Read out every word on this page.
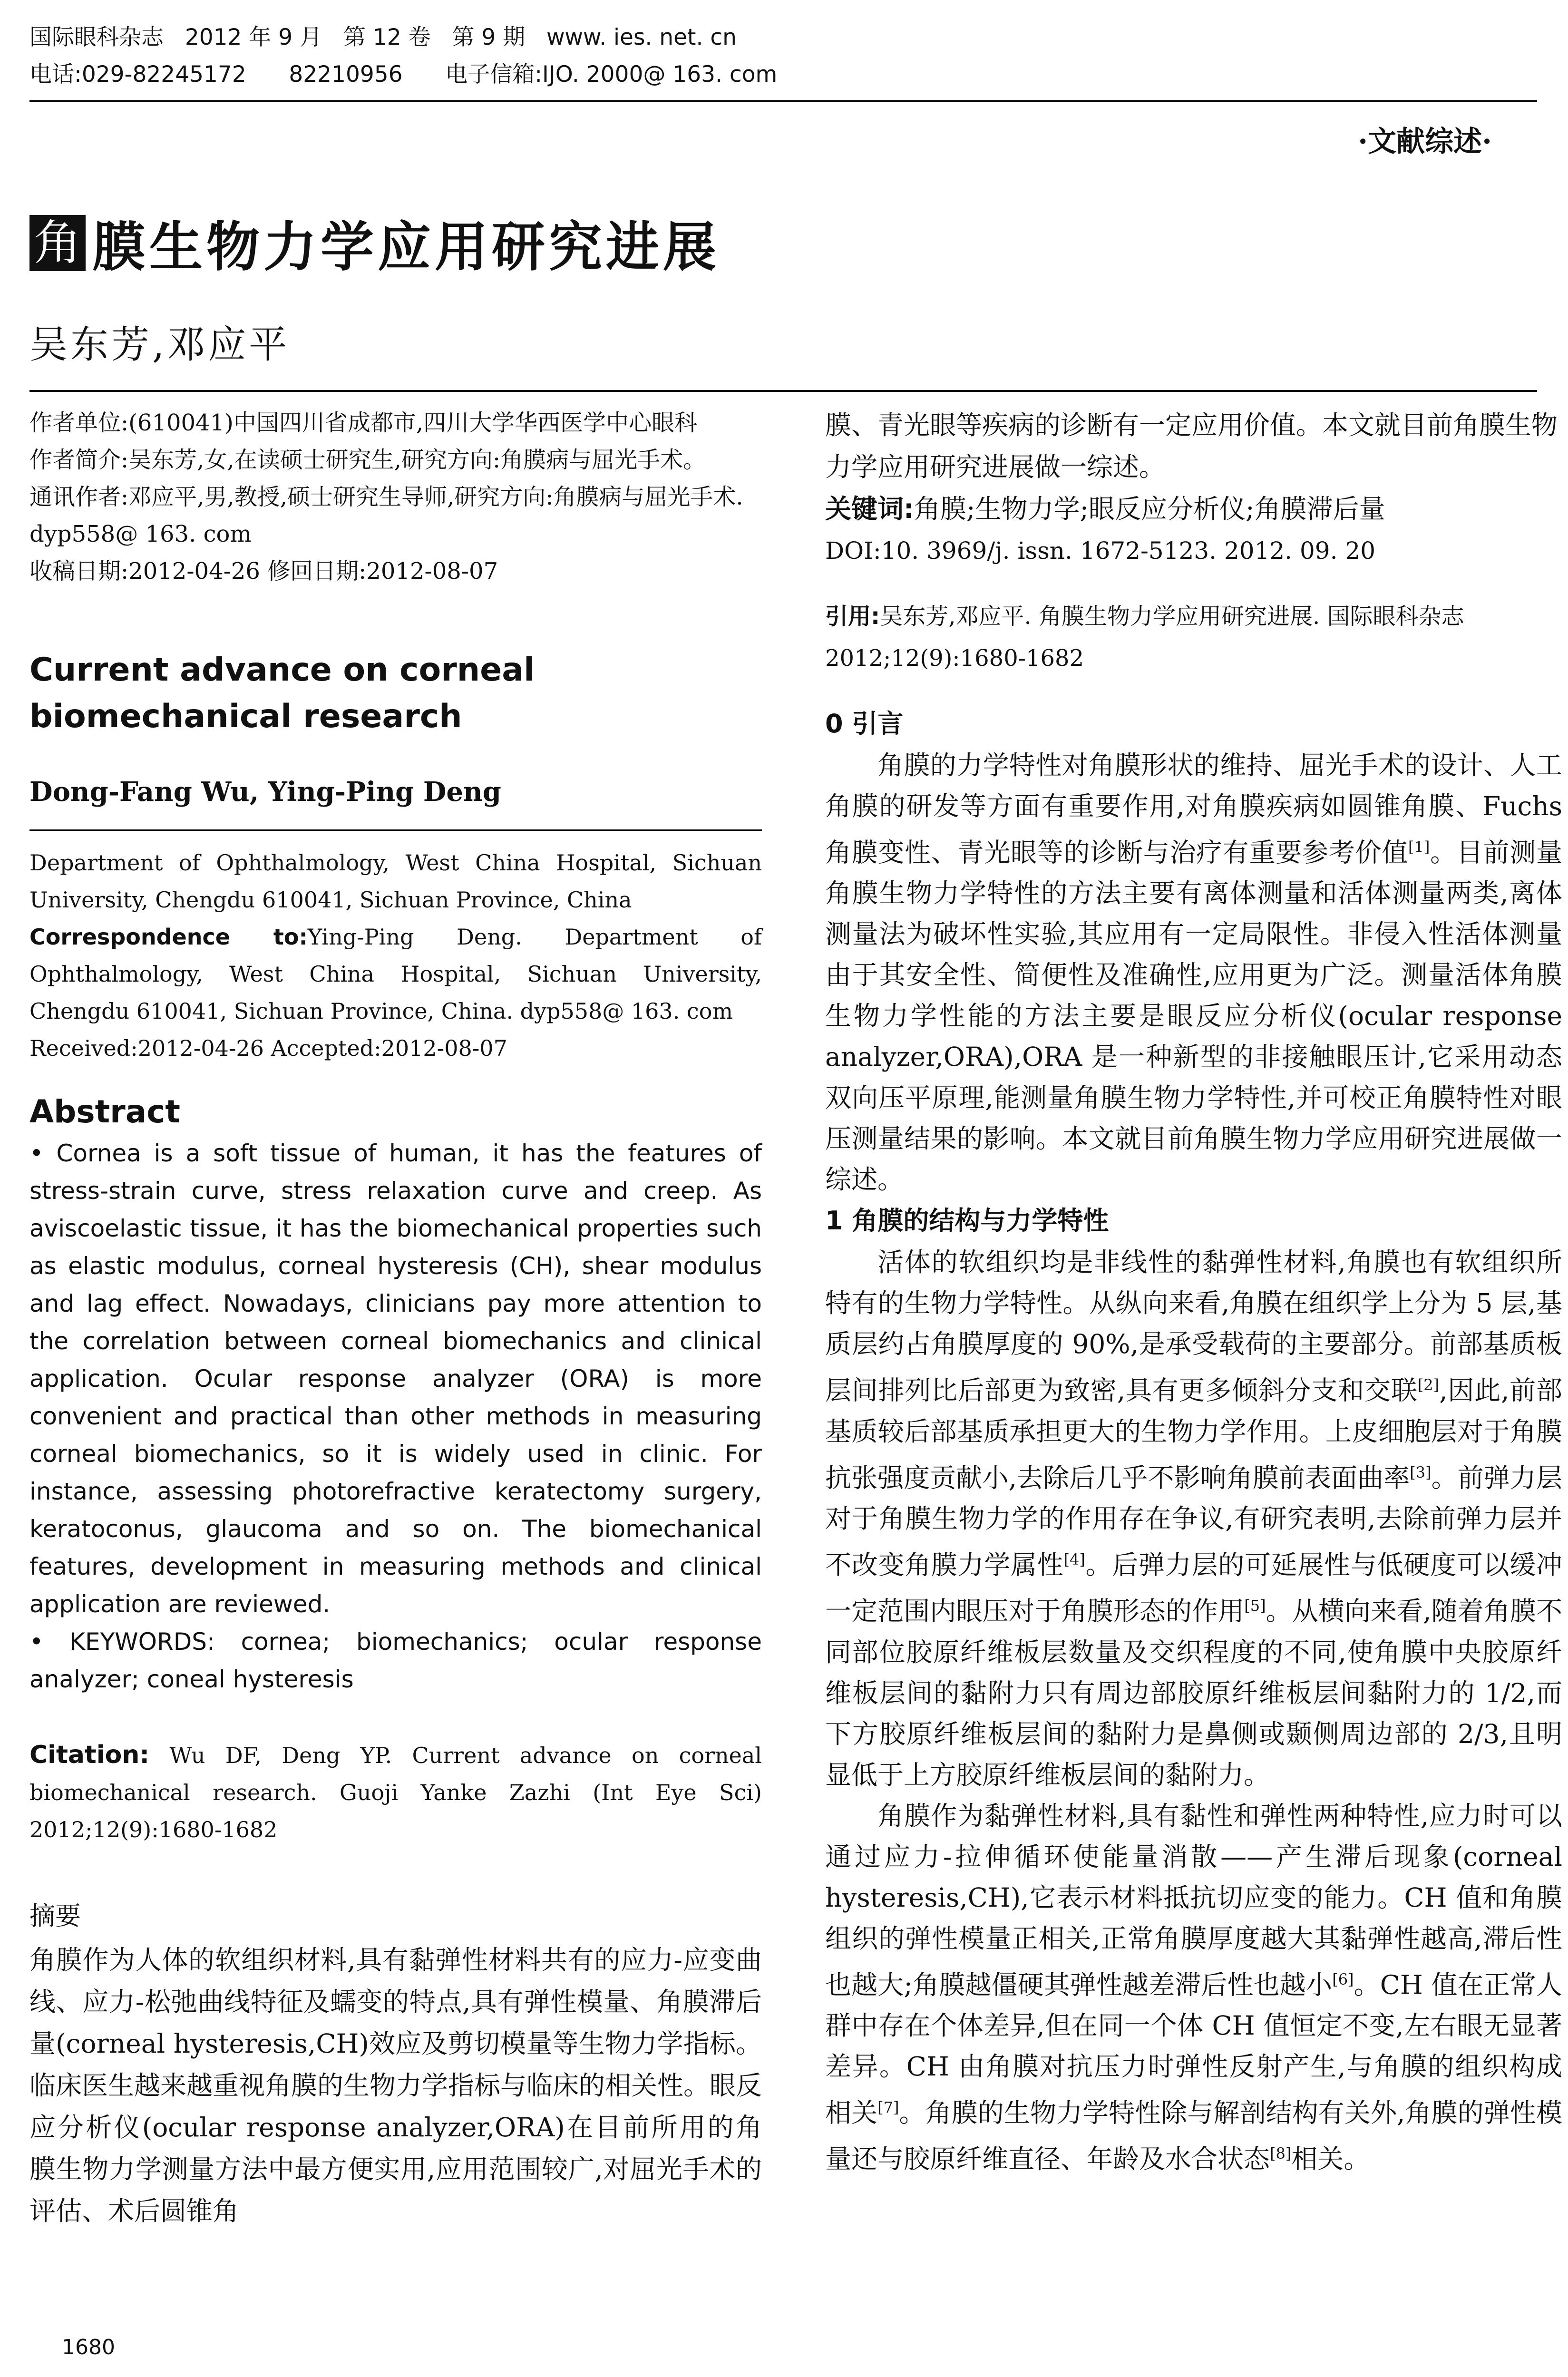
国际眼科杂志   2012 年 9 月   第 12 卷   第 9 期   www. ies. net. cn
电话:029-82245172      82210956      电子信箱:IJO. 2000@ 163. com
·文献综述·
角 膜生物力学应用研究进展
吴东芳,邓应平

作者单位:(610041)中国四川省成都市,四川大学华西医学中心眼科

作者简介:吴东芳,女,在读硕士研究生,研究方向:角膜病与屈光手术。

通讯作者:邓应平,男,教授,硕士研究生导师,研究方向:角膜病与屈光手术. dyp558@ 163. com

收稿日期:2012-04-26 修回日期:2012-08-07

Current advance on corneal biomechanical research
Dong-Fang Wu, Ying-Ping Deng

Department of Ophthalmology, West China Hospital, Sichuan University, Chengdu 610041, Sichuan Province, China

Correspondence to:Ying-Ping Deng. Department of Ophthalmology, West China Hospital, Sichuan University, Chengdu 610041, Sichuan Province, China. dyp558@ 163. com

Received:2012-04-26 Accepted:2012-08-07

Abstract

• Cornea is a soft tissue of human, it has the features of stress-strain curve, stress relaxation curve and creep. As aviscoelastic tissue, it has the biomechanical properties such as elastic modulus, corneal hysteresis (CH), shear modulus and lag effect. Nowadays, clinicians pay more attention to the correlation between corneal biomechanics and clinical application. Ocular response analyzer (ORA) is more convenient and practical than other methods in measuring corneal biomechanics, so it is widely used in clinic. For instance, assessing photorefractive keratectomy surgery, keratoconus, glaucoma and so on. The biomechanical features, development in measuring methods and clinical application are reviewed.

• KEYWORDS: cornea; biomechanics; ocular response analyzer; coneal hysteresis

Citation: Wu DF, Deng YP. Current advance on corneal biomechanical research. Guoji Yanke Zazhi (Int Eye Sci) 2012;12(9):1680-1682
摘要

角膜作为人体的软组织材料,具有黏弹性材料共有的应力-应变曲线、应力-松弛曲线特征及蠕变的特点,具有弹性模量、角膜滞后量(corneal hysteresis,CH)效应及剪切模量等生物力学指标。临床医生越来越重视角膜的生物力学指标与临床的相关性。眼反应分析仪(ocular response analyzer,ORA)在目前所用的角膜生物力学测量方法中最方便实用,应用范围较广,对屈光手术的评估、术后圆锥角

膜、青光眼等疾病的诊断有一定应用价值。本文就目前角膜生物力学应用研究进展做一综述。

关键词:角膜;生物力学;眼反应分析仪;角膜滞后量

DOI:10. 3969/j. issn. 1672-5123. 2012. 09. 20

引用:吴东芳,邓应平. 角膜生物力学应用研究进展. 国际眼科杂志 2012;12(9):1680-1682
0 引言

角膜的力学特性对角膜形状的维持、屈光手术的设计、人工角膜的研发等方面有重要作用,对角膜疾病如圆锥角膜、Fuchs 角膜变性、青光眼等的诊断与治疗有重要参考价值[1]。目前测量角膜生物力学特性的方法主要有离体测量和活体测量两类,离体测量法为破坏性实验,其应用有一定局限性。非侵入性活体测量由于其安全性、简便性及准确性,应用更为广泛。测量活体角膜生物力学性能的方法主要是眼反应分析仪(ocular response analyzer,ORA),ORA 是一种新型的非接触眼压计,它采用动态双向压平原理,能测量角膜生物力学特性,并可校正角膜特性对眼压测量结果的影响。本文就目前角膜生物力学应用研究进展做一综述。

1 角膜的结构与力学特性

活体的软组织均是非线性的黏弹性材料,角膜也有软组织所特有的生物力学特性。从纵向来看,角膜在组织学上分为 5 层,基质层约占角膜厚度的 90%,是承受载荷的主要部分。前部基质板层间排列比后部更为致密,具有更多倾斜分支和交联[2],因此,前部基质较后部基质承担更大的生物力学作用。上皮细胞层对于角膜抗张强度贡献小,去除后几乎不影响角膜前表面曲率[3]。前弹力层对于角膜生物力学的作用存在争议,有研究表明,去除前弹力层并不改变角膜力学属性[4]。后弹力层的可延展性与低硬度可以缓冲一定范围内眼压对于角膜形态的作用[5]。从横向来看,随着角膜不同部位胶原纤维板层数量及交织程度的不同,使角膜中央胶原纤维板层间的黏附力只有周边部胶原纤维板层间黏附力的 1/2,而下方胶原纤维板层间的黏附力是鼻侧或颞侧周边部的 2/3,且明显低于上方胶原纤维板层间的黏附力。

角膜作为黏弹性材料,具有黏性和弹性两种特性,应力时可以通过应力-拉伸循环使能量消散——产生滞后现象(corneal hysteresis,CH),它表示材料抵抗切应变的能力。CH 值和角膜组织的弹性模量正相关,正常角膜厚度越大其黏弹性越高,滞后性也越大;角膜越僵硬其弹性越差滞后性也越小[6]。CH 值在正常人群中存在个体差异,但在同一个体 CH 值恒定不变,左右眼无显著差异。CH 由角膜对抗压力时弹性反射产生,与角膜的组织构成相关[7]。角膜的生物力学特性除与解剖结构有关外,角膜的弹性模量还与胶原纤维直径、年龄及水合状态[8]相关。

1680
